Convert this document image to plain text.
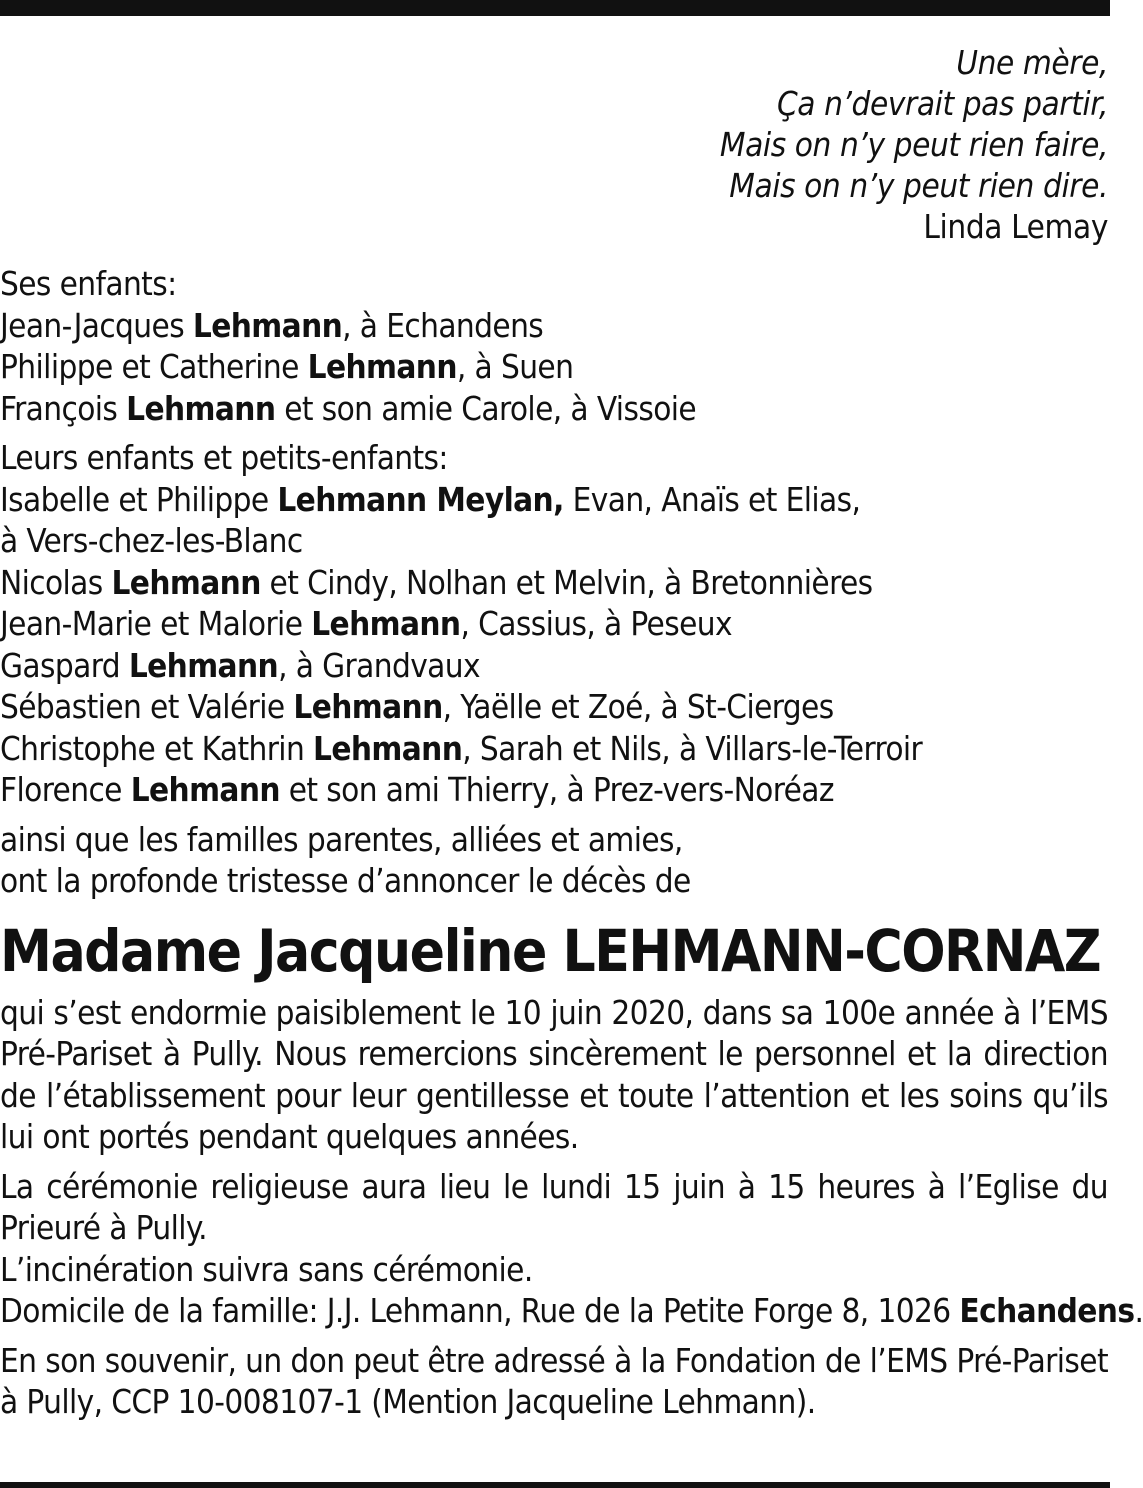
Une mère,
Ça n’devrait pas partir,
Mais on n’y peut rien faire,
Mais on n’y peut rien dire.
Linda Lemay
Ses enfants:
Jean-Jacques Lehmann, à Echandens
Philippe et Catherine Lehmann, à Suen
François Lehmann et son amie Carole, à Vissoie
Leurs enfants et petits-enfants:
Isabelle et Philippe Lehmann Meylan, Evan, Anaïs et Elias,
à Vers-chez-les-Blanc
Nicolas Lehmann et Cindy, Nolhan et Melvin, à Bretonnières
Jean-Marie et Malorie Lehmann, Cassius, à Peseux
Gaspard Lehmann, à Grandvaux
Sébastien et Valérie Lehmann, Yaëlle et Zoé, à St-Cierges
Christophe et Kathrin Lehmann, Sarah et Nils, à Villars-le-Terroir
Florence Lehmann et son ami Thierry, à Prez-vers-Noréaz
ainsi que les familles parentes, alliées et amies,
ont la profonde tristesse d’annoncer le décès de
Madame Jacqueline LEHMANN-CORNAZ
qui s’est endormie paisiblement le 10 juin 2020, dans sa 100e année à l’EMS Pré-Pariset à Pully. Nous remercions sincèrement le personnel et la direction de l’établissement pour leur gentillesse et toute l’attention et les soins qu’ils lui ont portés pendant quelques années.
La cérémonie religieuse aura lieu le lundi 15 juin à 15 heures à l’Eglise du Prieuré à Pully.
L’incinération suivra sans cérémonie.
Domicile de la famille: J.J. Lehmann, Rue de la Petite Forge 8, 1026 Echandens.
En son souvenir, un don peut être adressé à la Fondation de l’EMS Pré-Pariset à Pully, CCP 10-008107-1 (Mention Jacqueline Lehmann).
